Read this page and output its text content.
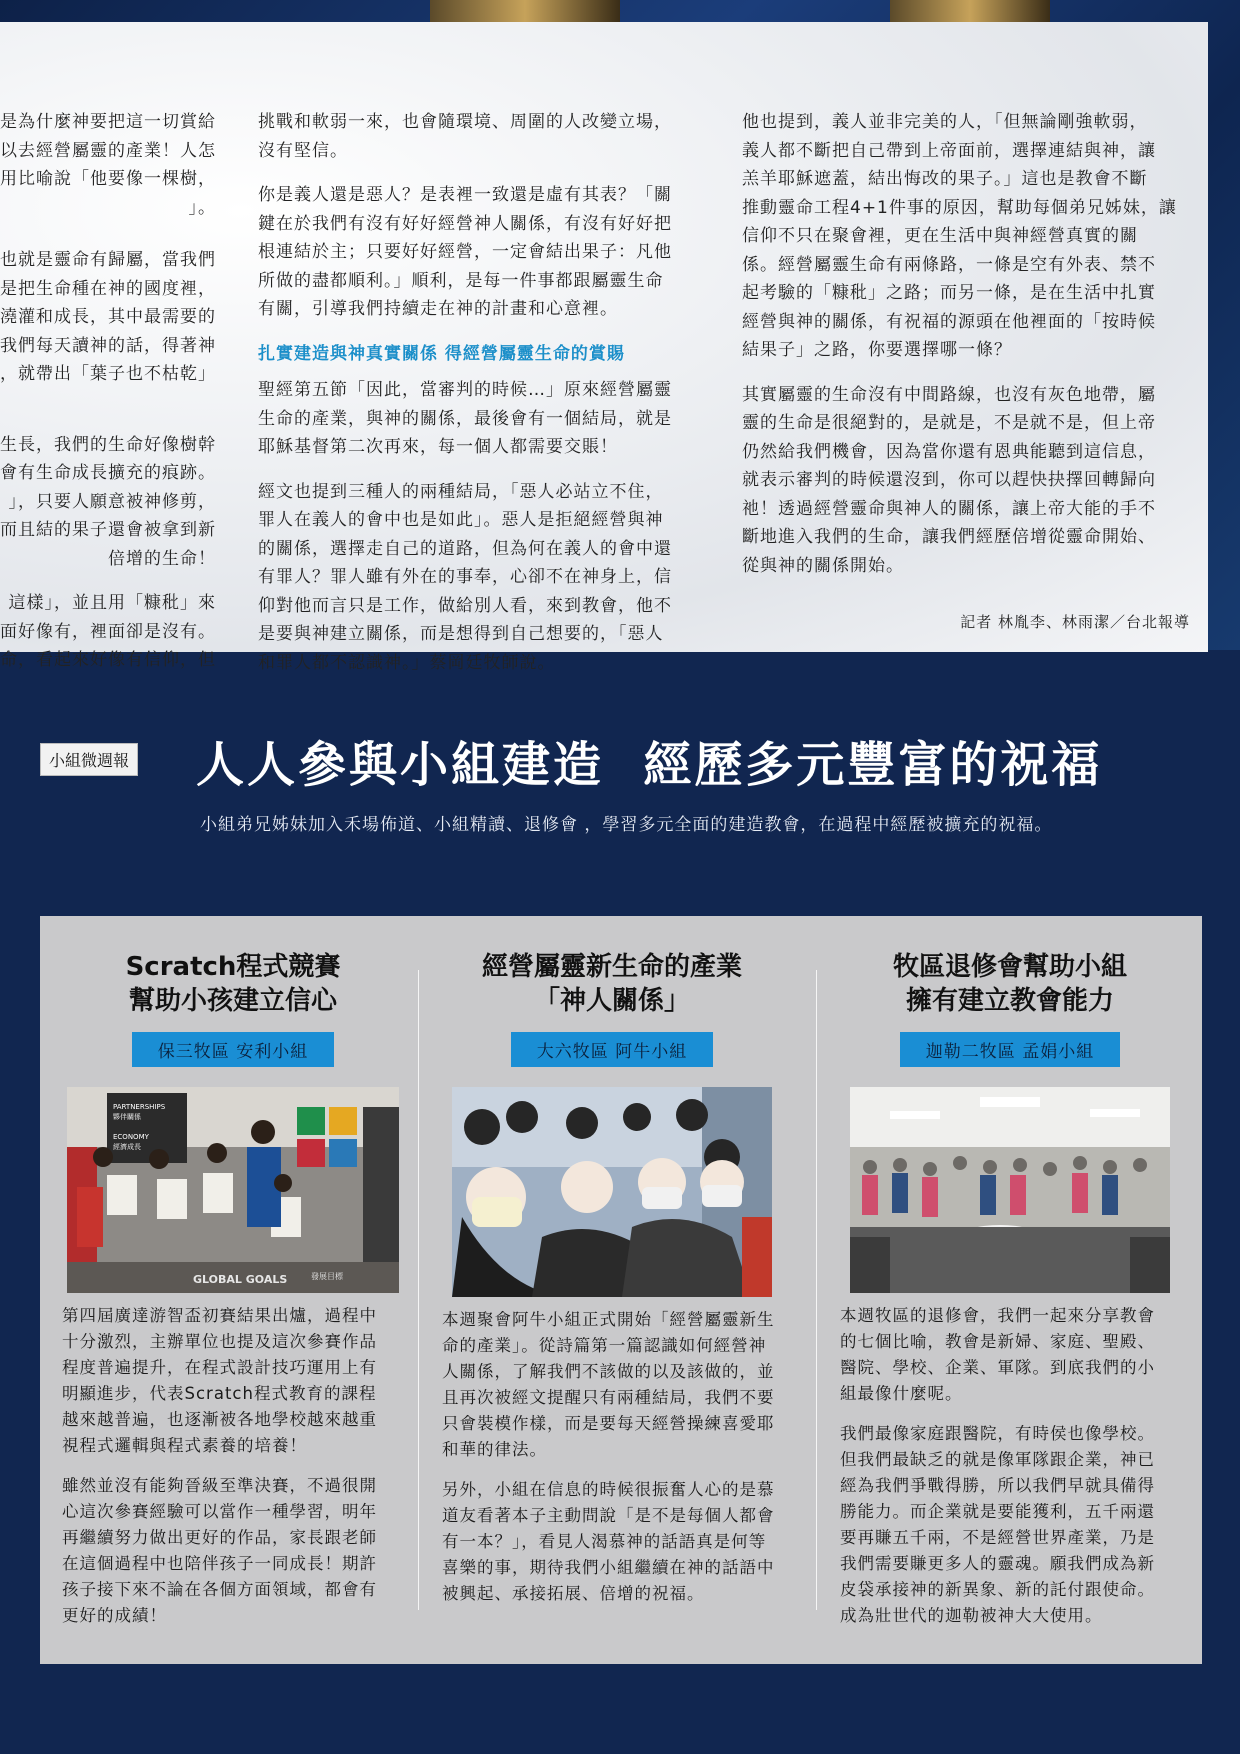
是為什麼神要把這一切賞給
以去經營屬靈的產業！人怎
用比喻說「他要像一棵樹，
」。

也就是靈命有歸屬，當我們
是把生命種在神的國度裡，
澆灌和成長，其中最需要的
我們每天讀神的話，得著神
，就帶出「葉子也不枯乾」

生長，我們的生命好像樹幹
會有生命成長擴充的痕跡。
」，只要人願意被神修剪，
而且結的果子還會被拿到新
倍增的生命！

這樣」，並且用「糠秕」來
面好像有，裡面卻是沒有。
命，看起來好像有信仰，但

挑戰和軟弱一來，也會隨環境、周圍的人改變立場，
沒有堅信。

你是義人還是惡人？是表裡一致還是虛有其表？「關
鍵在於我們有沒有好好經營神人關係，有沒有好好把
根連結於主；只要好好經營，一定會結出果子：凡他
所做的盡都順利。」順利，是每一件事都跟屬靈生命
有關，引導我們持續走在神的計畫和心意裡。

扎實建造與神真實關係 得經營屬靈生命的賞賜

聖經第五節「因此，當審判的時候…」原來經營屬靈
生命的產業，與神的關係，最後會有一個結局，就是
耶穌基督第二次再來，每一個人都需要交賬！

經文也提到三種人的兩種結局，「惡人必站立不住，
罪人在義人的會中也是如此」。惡人是拒絕經營與神
的關係，選擇走自己的道路，但為何在義人的會中還
有罪人？罪人雖有外在的事奉，心卻不在神身上，信
仰對他而言只是工作，做給別人看，來到教會，他不
是要與神建立關係，而是想得到自己想要的，「惡人
和罪人都不認識神。」蔡岡廷牧師說。

他也提到，義人並非完美的人，「但無論剛強軟弱，
義人都不斷把自己帶到上帝面前，選擇連結與神，讓
羔羊耶穌遮蓋，結出悔改的果子。」這也是教會不斷
推動靈命工程4+1件事的原因，幫助每個弟兄姊妹，讓
信仰不只在聚會裡，更在生活中與神經營真實的關
係。經營屬靈生命有兩條路，一條是空有外表、禁不
起考驗的「糠秕」之路；而另一條，是在生活中扎實
經營與神的關係，有祝福的源頭在他裡面的「按時候
結果子」之路，你要選擇哪一條？

其實屬靈的生命沒有中間路線，也沒有灰色地帶，屬
靈的生命是很絕對的，是就是，不是就不是，但上帝
仍然給我們機會，因為當你還有恩典能聽到這信息，
就表示審判的時候還沒到，你可以趕快抉擇回轉歸向
祂！透過經營靈命與神人的關係，讓上帝大能的手不
斷地進入我們的生命，讓我們經歷倍增從靈命開始、
從與神的關係開始。

記者 林胤李、林雨潔／台北報導

小組微週報 人人參與小組建造  經歷多元豐富的祝福
小組弟兄姊妹加入禾場佈道、小組精讀、退修會 ，學習多元全面的建造教會，在過程中經歷被擴充的祝福。
Scratch程式競賽
幫助小孩建立信心
保三牧區 安利小組
PARTNERSHIPS
夥伴關係
ECONOMY
經濟成長
GLOBAL GOALS	發展目標

第四屆廣達游智盃初賽結果出爐，過程中
十分激烈，主辦單位也提及這次參賽作品
程度普遍提升，在程式設計技巧運用上有
明顯進步，代表Scratch程式教育的課程
越來越普遍，也逐漸被各地學校越來越重
視程式邏輯與程式素養的培養！

雖然並沒有能夠晉級至準決賽，不過很開
心這次參賽經驗可以當作一種學習，明年
再繼續努力做出更好的作品，家長跟老師
在這個過程中也陪伴孩子一同成長！期許
孩子接下來不論在各個方面領域，都會有
更好的成績！

經營屬靈新生命的產業
「神人關係」
大六牧區 阿牛小組

本週聚會阿牛小組正式開始「經營屬靈新生
命的產業」。從詩篇第一篇認識如何經營神
人關係，了解我們不該做的以及該做的，並
且再次被經文提醒只有兩種結局，我們不要
只會裝模作樣，而是要每天經營操練喜愛耶
和華的律法。

另外，小組在信息的時候很振奮人心的是慕
道友看著本子主動問說「是不是每個人都會
有一本？」，看見人渴慕神的話語真是何等
喜樂的事，期待我們小組繼續在神的話語中
被興起、承接拓展、倍增的祝福。

牧區退修會幫助小組
擁有建立教會能力
迦勒二牧區 孟娟小組

本週牧區的退修會，我們一起來分享教會
的七個比喻，教會是新婦、家庭、聖殿、
醫院、學校、企業、軍隊。到底我們的小
組最像什麼呢。

我們最像家庭跟醫院，有時侯也像學校。
但我們最缺乏的就是像軍隊跟企業，神已
經為我們爭戰得勝，所以我們早就具備得
勝能力。而企業就是要能獲利，五千兩還
要再賺五千兩，不是經營世界產業，乃是
我們需要賺更多人的靈魂。願我們成為新
皮袋承接神的新異象、新的託付跟使命。
成為壯世代的迦勒被神大大使用。
